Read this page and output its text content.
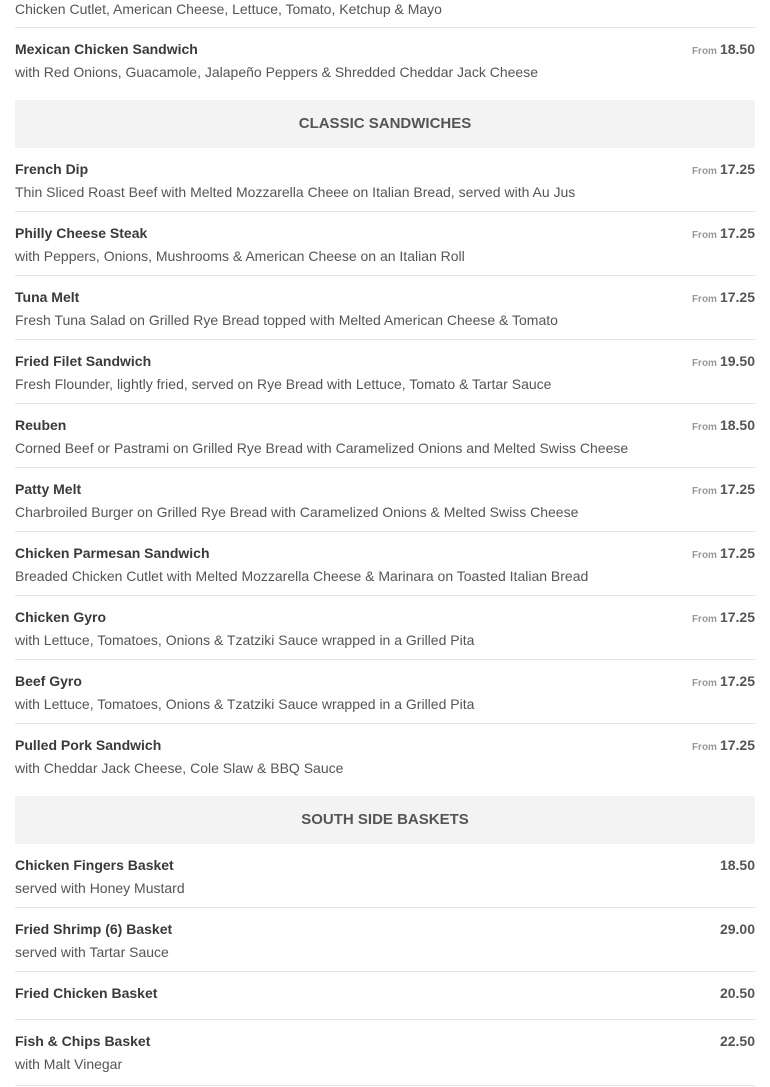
Chicken Cutlet, American Cheese, Lettuce, Tomato, Ketchup & Mayo
Mexican Chicken Sandwich
with Red Onions, Guacamole, Jalapeño Peppers & Shredded Cheddar Jack Cheese
From 18.50
CLASSIC SANDWICHES
French Dip
Thin Sliced Roast Beef with Melted Mozzarella Cheee on Italian Bread, served with Au Jus
From 17.25
Philly Cheese Steak
with Peppers, Onions, Mushrooms & American Cheese on an Italian Roll
From 17.25
Tuna Melt
Fresh Tuna Salad on Grilled Rye Bread topped with Melted American Cheese & Tomato
From 17.25
Fried Filet Sandwich
Fresh Flounder, lightly fried, served on Rye Bread with Lettuce, Tomato & Tartar Sauce
From 19.50
Reuben
Corned Beef or Pastrami on Grilled Rye Bread with Caramelized Onions and Melted Swiss Cheese
From 18.50
Patty Melt
Charbroiled Burger on Grilled Rye Bread with Caramelized Onions & Melted Swiss Cheese
From 17.25
Chicken Parmesan Sandwich
Breaded Chicken Cutlet with Melted Mozzarella Cheese & Marinara on Toasted Italian Bread
From 17.25
Chicken Gyro
with Lettuce, Tomatoes, Onions & Tzatziki Sauce wrapped in a Grilled Pita
From 17.25
Beef Gyro
with Lettuce, Tomatoes, Onions & Tzatziki Sauce wrapped in a Grilled Pita
From 17.25
Pulled Pork Sandwich
with Cheddar Jack Cheese, Cole Slaw & BBQ Sauce
From 17.25
SOUTH SIDE BASKETS
Chicken Fingers Basket
served with Honey Mustard
18.50
Fried Shrimp (6) Basket
served with Tartar Sauce
29.00
Fried Chicken Basket	20.50
Fish & Chips Basket
with Malt Vinegar
22.50
